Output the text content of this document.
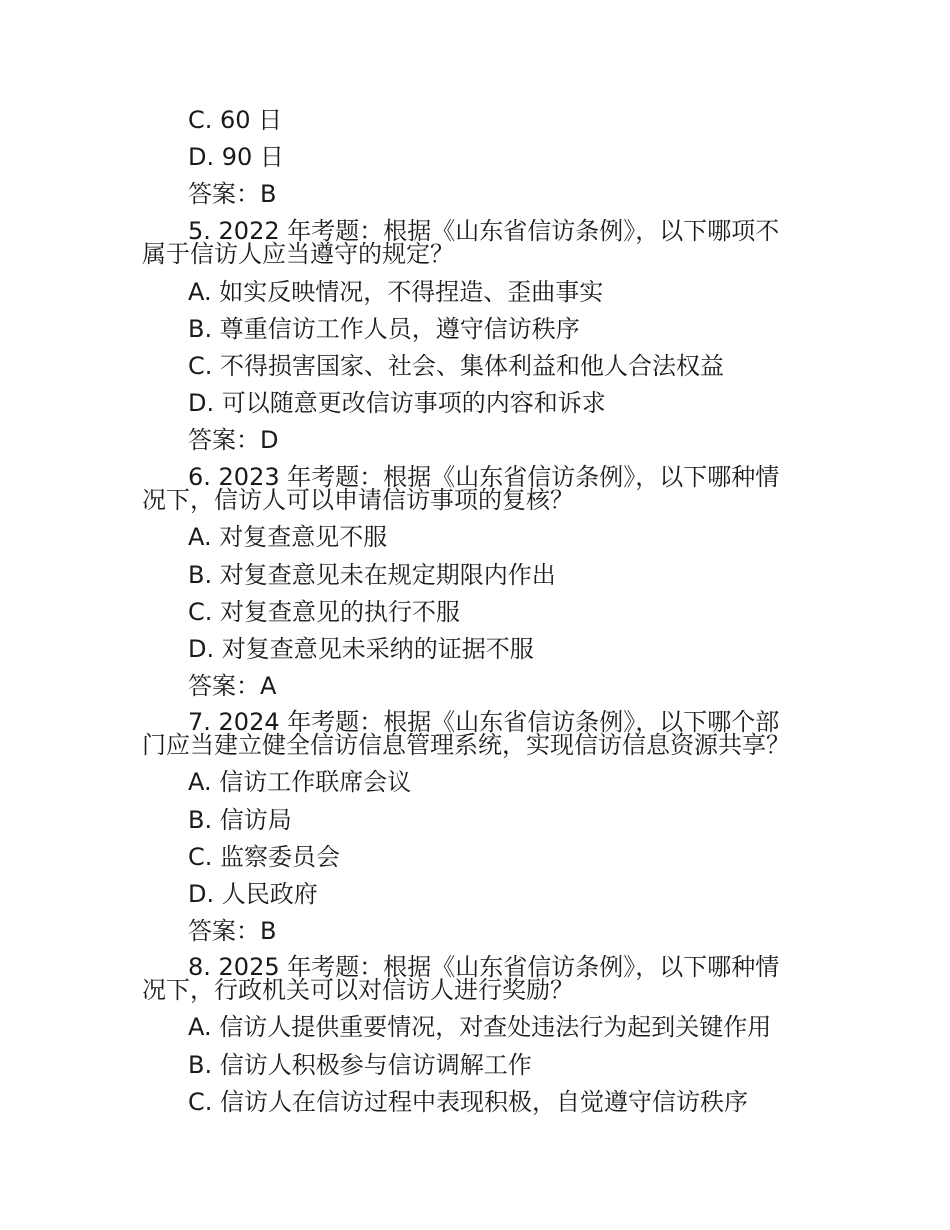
C. 60 日
D. 90 日
答案：B
5. 2022 年考题：根据《山东省信访条例》，以下哪项不属于信访人应当遵守的规定？
A. 如实反映情况，不得捏造、歪曲事实
B. 尊重信访工作人员，遵守信访秩序
C. 不得损害国家、社会、集体利益和他人合法权益
D. 可以随意更改信访事项的内容和诉求
答案：D
6. 2023 年考题：根据《山东省信访条例》，以下哪种情况下，信访人可以申请信访事项的复核？
A. 对复查意见不服
B. 对复查意见未在规定期限内作出
C. 对复查意见的执行不服
D. 对复查意见未采纳的证据不服
答案：A
7. 2024 年考题：根据《山东省信访条例》，以下哪个部门应当建立健全信访信息管理系统，实现信访信息资源共享？
A. 信访工作联席会议
B. 信访局
C. 监察委员会
D. 人民政府
答案：B
8. 2025 年考题：根据《山东省信访条例》，以下哪种情况下，行政机关可以对信访人进行奖励？
A. 信访人提供重要情况，对查处违法行为起到关键作用
B. 信访人积极参与信访调解工作
C. 信访人在信访过程中表现积极，自觉遵守信访秩序
